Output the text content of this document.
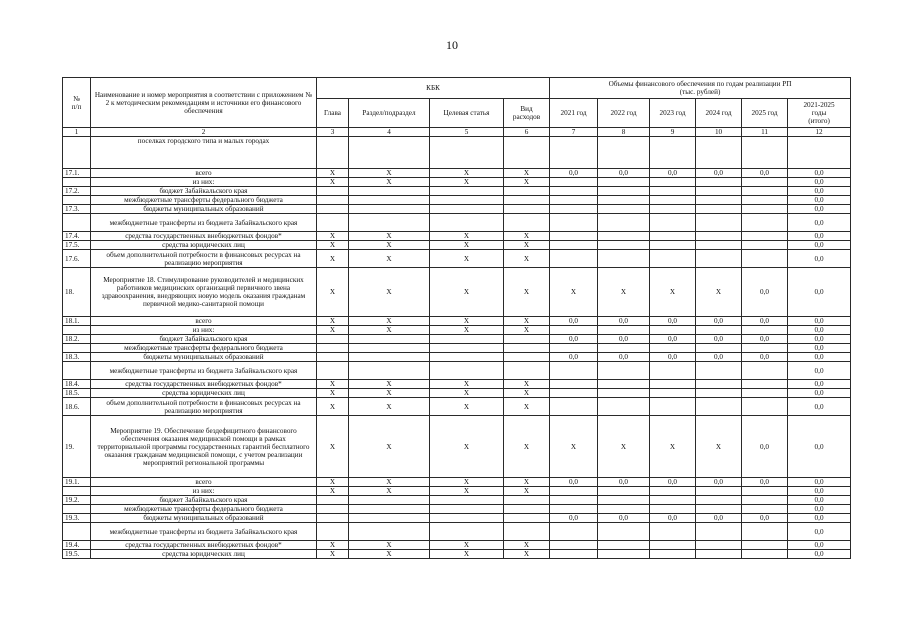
10
№
п/п	Наименование и номер мероприятия в соответствии с приложением № 2 к методическим рекомендациям и источники его финансового обеспечения	КБК				Объемы финансового обеспечения по годам реализации РП
(тыс. рублей)					
		Глава	Раздел/подраздел	Целевая статья	Вид
расходов	2021 год	2022 год	2023 год	2024 год	2025 год	2021-2025
годы
(итого)
1	2	3	4	5	6	7	8	9	10	11	12
	поселках городского типа и малых городах										
17.1.	всего	X	X	X	X	0,0	0,0	0,0	0,0	0,0	0,0
	из них:	X	X	X	X						0,0
17.2.	бюджет Забайкальского края										0,0
	межбюджетные трансферты федерального бюджета										0,0
17.3.	бюджеты муниципальных образований										0,0
	межбюджетные трансферты из бюджета Забайкальского края										0,0
17.4.	средства государственных внебюджетных фондов*	X	X	X	X						0,0
17.5.	средства юридических лиц	X	X	X	X						0,0
17.6.	объем дополнительной потребности в финансовых ресурсах на реализацию мероприятия	X	X	X	X						0,0
18.	Мероприятие 18. Стимулирование руководителей и медицинских работников медицинских организаций первичного звена здравоохранения, внедряющих новую модель оказания гражданам первичной медико-санитарной помощи	X	X	X	X	X	X	X	X	0,0	0,0
18.1.	всего	X	X	X	X	0,0	0,0	0,0	0,0	0,0	0,0
	из них:	X	X	X	X						0,0
18.2.	бюджет Забайкальского края					0,0	0,0	0,0	0,0	0,0	0,0
	межбюджетные трансферты федерального бюджета										0,0
18.3.	бюджеты муниципальных образований					0,0	0,0	0,0	0,0	0,0	0,0
	межбюджетные трансферты из бюджета Забайкальского края										0,0
18.4.	средства государственных внебюджетных фондов*	X	X	X	X						0,0
18.5.	средства юридических лиц	X	X	X	X						0,0
18.6.	объем дополнительной потребности в финансовых ресурсах на реализацию мероприятия	X	X	X	X						0,0
19.	Мероприятие 19. Обеспечение бездефицитного финансового обеспечения оказания медицинской помощи в рамках территориальной программы государственных гарантий бесплатного оказания гражданам медицинской помощи, с учетом реализации мероприятий региональной программы	X	X	X	X	X	X	X	X	0,0	0,0
19.1.	всего	X	X	X	X	0,0	0,0	0,0	0,0	0,0	0,0
	из них:	X	X	X	X						0,0
19.2.	бюджет Забайкальского края										0,0
	межбюджетные трансферты федерального бюджета										0,0
19.3.	бюджеты муниципальных образований					0,0	0,0	0,0	0,0	0,0	0,0
	межбюджетные трансферты из бюджета Забайкальского края										0,0
19.4.	средства государственных внебюджетных фондов*	X	X	X	X						0,0
19.5.	средства юридических лиц	X	X	X	X						0,0
